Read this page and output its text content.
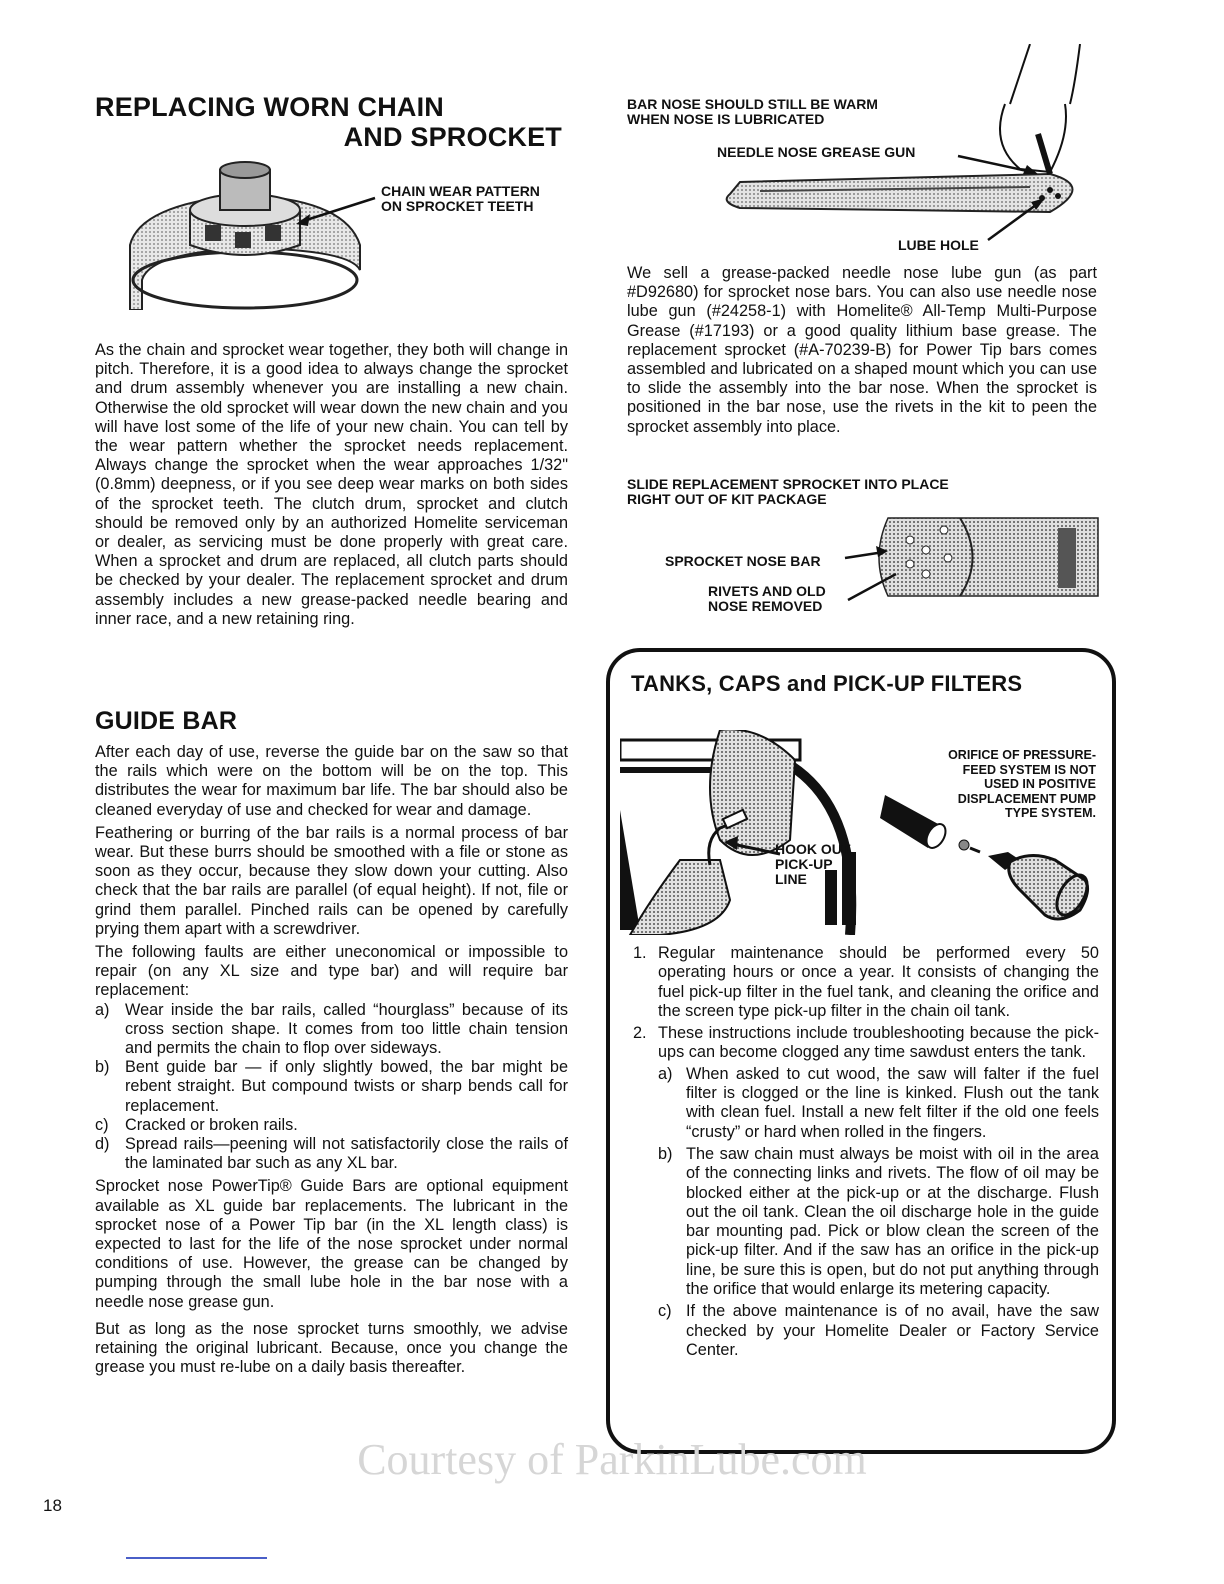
REPLACING WORN CHAIN
AND SPROCKET
CHAIN WEAR PATTERN
ON SPROCKET TEETH

As the chain and sprocket wear together, they both will change in pitch. Therefore, it is a good idea to always change the sprocket and drum assembly whenever you are installing a new chain. Otherwise the old sprocket will wear down the new chain and you will have lost some of the life of your new chain. You can tell by the wear pattern whether the sprocket needs replacement. Always change the sprocket when the wear approaches 1/32" (0.8mm) deepness, or if you see deep wear marks on both sides of the sprocket teeth. The clutch drum, sprocket and clutch should be removed only by an authorized Homelite serviceman or dealer, as servicing must be done properly with great care. When a sprocket and drum are replaced, all clutch parts should be checked by your dealer. The replacement sprocket and drum assembly includes a new grease-packed needle bearing and inner race, and a new retaining ring.

GUIDE BAR

After each day of use, reverse the guide bar on the saw so that the rails which were on the bottom will be on the top. This distributes the wear for maximum bar life. The bar should also be cleaned everyday of use and checked for wear and damage.

Feathering or burring of the bar rails is a normal process of bar wear. But these burrs should be smoothed with a file or stone as soon as they occur, because they slow down your cutting. Also check that the bar rails are parallel (of equal height). If not, file or grind them parallel. Pinched rails can be opened by carefully prying them apart with a screwdriver.

The following faults are either uneconomical or impossible to repair (on any XL size and type bar) and will require bar replacement:

a) Wear inside the bar rails, called “hourglass” because of its cross section shape. It comes from too little chain tension and permits the chain to flop over sideways.
b) Bent guide bar — if only slightly bowed, the bar might be rebent straight. But compound twists or sharp bends call for replacement.
c) Cracked or broken rails.
d) Spread rails—peening will not satisfactorily close the rails of the laminated bar such as any XL bar.

Sprocket nose PowerTip® Guide Bars are optional equipment available as XL guide bar replacements. The lubricant in the sprocket nose of a Power Tip bar (in the XL length class) is expected to last for the life of the nose sprocket under normal conditions of use. However, the grease can be changed by pumping through the small lube hole in the bar nose with a needle nose grease gun.

But as long as the nose sprocket turns smoothly, we advise retaining the original lubricant. Because, once you change the grease you must re-lube on a daily basis thereafter.

BAR NOSE SHOULD STILL BE WARM
WHEN NOSE IS LUBRICATED
NEEDLE NOSE GREASE GUN
LUBE HOLE

We sell a grease-packed needle nose lube gun (as part #D92680) for sprocket nose bars. You can also use needle nose lube gun (#24258-1) with Homelite® All-Temp Multi-Purpose Grease (#17193) or a good quality lithium base grease. The replacement sprocket (#A-70239-B) for Power Tip bars comes assembled and lubricated on a shaped mount which you can use to slide the assembly into the bar nose. When the sprocket is positioned in the bar nose, use the rivets in the kit to peen the sprocket assembly into place.

SLIDE REPLACEMENT SPROCKET INTO PLACE
RIGHT OUT OF KIT PACKAGE
SPROCKET NOSE BAR
RIVETS AND OLD
NOSE REMOVED
TANKS, CAPS and PICK-UP FILTERS
HOOK OUT
PICK-UP
LINE
ORIFICE OF PRESSURE-
FEED SYSTEM IS NOT
USED IN POSITIVE
DISPLACEMENT PUMP
TYPE SYSTEM.
1. Regular maintenance should be performed every 50 operating hours or once a year. It consists of changing the fuel pick-up filter in the fuel tank, and cleaning the orifice and the screen type pick-up filter in the chain oil tank.
2. These instructions include troubleshooting because the pick-ups can become clogged any time sawdust enters the tank.
a) When asked to cut wood, the saw will falter if the fuel filter is clogged or the line is kinked. Flush out the tank with clean fuel. Install a new felt filter if the old one feels “crusty” or hard when rolled in the fingers.
b) The saw chain must always be moist with oil in the area of the connecting links and rivets. The flow of oil may be blocked either at the pick-up or at the discharge. Flush out the oil tank. Clean the oil discharge hole in the guide bar mounting pad. Pick or blow clean the screen of the pick-up filter. And if the saw has an orifice in the pick-up line, be sure this is open, but do not put anything through the orifice that would enlarge its metering capacity.
c) If the above maintenance is of no avail, have the saw checked by your Homelite Dealer or Factory Service Center.
Courtesy of ParkinLube.com
18
